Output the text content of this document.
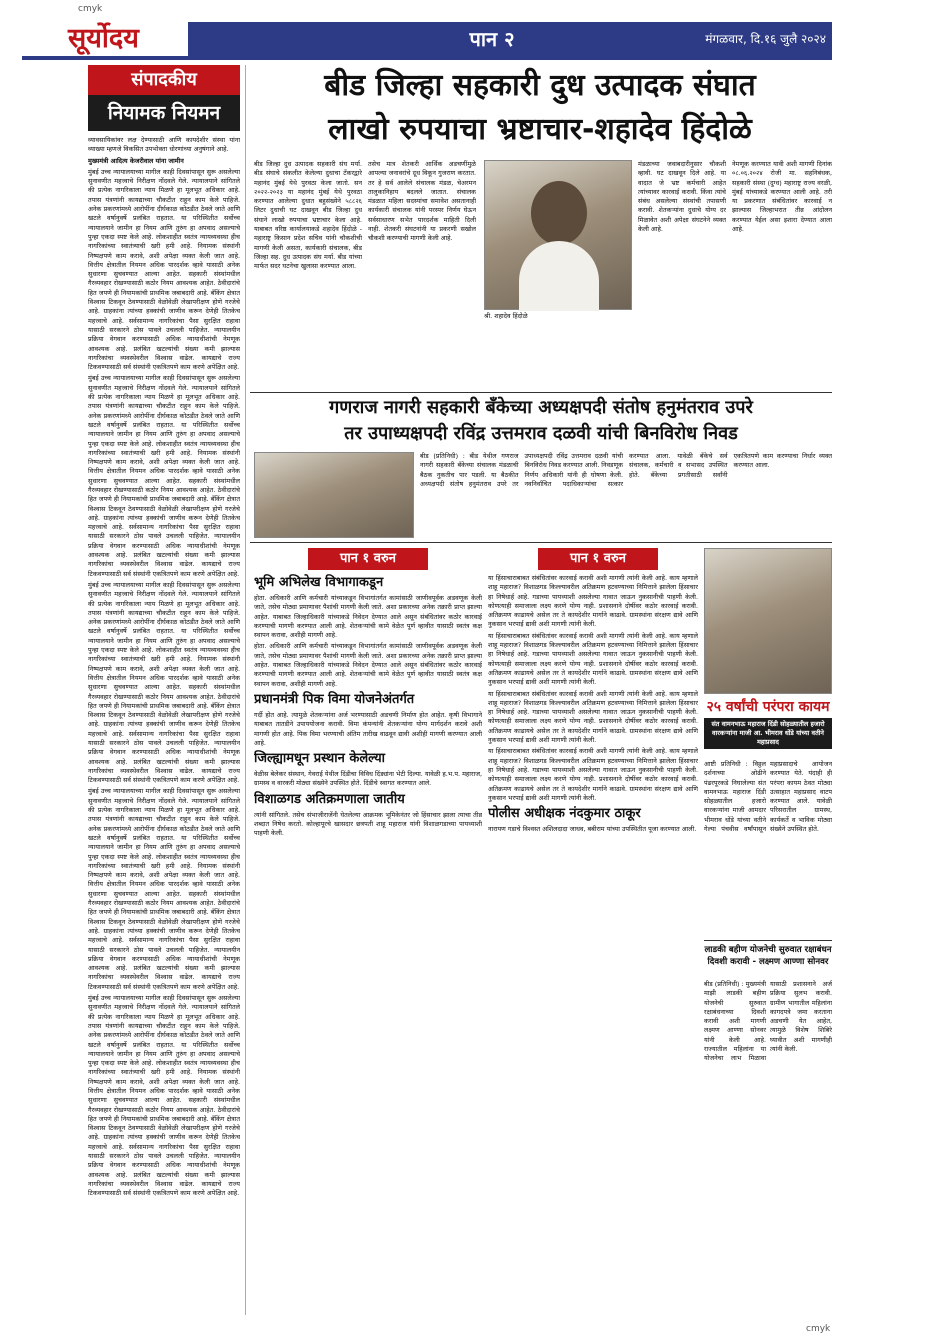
cmyk
सूर्योदय	पान २	मंगळवार, दि.१६ जुलै २०२४
संपादकीय
नियामक नियमन

व्यावसायिकांवर लक्ष देण्यासाठी आणि कायदेशीर संस्था यांना व्याख्या म्हणजे विकसित उपभोक्ता धोरणांच्या अनुषंगाने आहे.

मुख्यमंत्री आदित्य केजरीवाल यांना जामीन

मुंबई उच्च न्यायालयाच्या मागील काही दिवसांपासून सुरू असलेल्या सुनावणीत महत्त्वाचे निरीक्षण नोंदवले गेले. न्यायालयाने सांगितले की प्रत्येक नागरिकाला न्याय मिळणे हा मूलभूत अधिकार आहे. तपास यंत्रणांनी कायद्याच्या चौकटीत राहून काम केले पाहिजे. अनेक प्रकरणांमध्ये आरोपींना दीर्घकाळ कोठडीत ठेवले जाते आणि खटले वर्षानुवर्षे प्रलंबित राहतात. या परिस्थितीत सर्वोच्च न्यायालयाने जामीन हा नियम आणि तुरुंग हा अपवाद असल्याचे पुन्हा एकदा स्पष्ट केले आहे. लोकशाहीत स्वतंत्र न्यायव्यवस्था हीच नागरिकांच्या स्वातंत्र्याची खरी हमी आहे. नियामक संस्थांनी निष्पक्षपणे काम करावे, अशी अपेक्षा व्यक्त केली जात आहे. वित्तीय क्षेत्रातील नियमन अधिक पारदर्शक व्हावे यासाठी अनेक सुधारणा सुचवण्यात आल्या आहेत. सहकारी संस्थांमधील गैरव्यवहार रोखण्यासाठी कठोर नियम आवश्यक आहेत. ठेवीदारांचे हित जपणे ही नियामकांची प्राथमिक जबाबदारी आहे. बँकिंग क्षेत्रात विश्वास टिकवून ठेवण्यासाठी वेळोवेळी लेखापरीक्षण होणे गरजेचे आहे. ग्राहकांना त्यांच्या हक्कांची जाणीव करून देणेही तितकेच महत्त्वाचे आहे. सर्वसामान्य नागरिकांचा पैसा सुरक्षित राहावा यासाठी सरकारने ठोस पावले उचलली पाहिजेत. न्यायालयीन प्रक्रिया वेगवान करण्यासाठी अधिक न्यायाधीशांची नेमणूक आवश्यक आहे. प्रलंबित खटल्यांची संख्या कमी झाल्यास नागरिकांचा व्यवस्थेवरील विश्वास वाढेल. कायद्याचे राज्य टिकवण्यासाठी सर्व संस्थांनी एकत्रितपणे काम करणे अपेक्षित आहे.

मुंबई उच्च न्यायालयाच्या मागील काही दिवसांपासून सुरू असलेल्या सुनावणीत महत्त्वाचे निरीक्षण नोंदवले गेले. न्यायालयाने सांगितले की प्रत्येक नागरिकाला न्याय मिळणे हा मूलभूत अधिकार आहे. तपास यंत्रणांनी कायद्याच्या चौकटीत राहून काम केले पाहिजे. अनेक प्रकरणांमध्ये आरोपींना दीर्घकाळ कोठडीत ठेवले जाते आणि खटले वर्षानुवर्षे प्रलंबित राहतात. या परिस्थितीत सर्वोच्च न्यायालयाने जामीन हा नियम आणि तुरुंग हा अपवाद असल्याचे पुन्हा एकदा स्पष्ट केले आहे. लोकशाहीत स्वतंत्र न्यायव्यवस्था हीच नागरिकांच्या स्वातंत्र्याची खरी हमी आहे. नियामक संस्थांनी निष्पक्षपणे काम करावे, अशी अपेक्षा व्यक्त केली जात आहे. वित्तीय क्षेत्रातील नियमन अधिक पारदर्शक व्हावे यासाठी अनेक सुधारणा सुचवण्यात आल्या आहेत. सहकारी संस्थांमधील गैरव्यवहार रोखण्यासाठी कठोर नियम आवश्यक आहेत. ठेवीदारांचे हित जपणे ही नियामकांची प्राथमिक जबाबदारी आहे. बँकिंग क्षेत्रात विश्वास टिकवून ठेवण्यासाठी वेळोवेळी लेखापरीक्षण होणे गरजेचे आहे. ग्राहकांना त्यांच्या हक्कांची जाणीव करून देणेही तितकेच महत्त्वाचे आहे. सर्वसामान्य नागरिकांचा पैसा सुरक्षित राहावा यासाठी सरकारने ठोस पावले उचलली पाहिजेत. न्यायालयीन प्रक्रिया वेगवान करण्यासाठी अधिक न्यायाधीशांची नेमणूक आवश्यक आहे. प्रलंबित खटल्यांची संख्या कमी झाल्यास नागरिकांचा व्यवस्थेवरील विश्वास वाढेल. कायद्याचे राज्य टिकवण्यासाठी सर्व संस्थांनी एकत्रितपणे काम करणे अपेक्षित आहे.

मुंबई उच्च न्यायालयाच्या मागील काही दिवसांपासून सुरू असलेल्या सुनावणीत महत्त्वाचे निरीक्षण नोंदवले गेले. न्यायालयाने सांगितले की प्रत्येक नागरिकाला न्याय मिळणे हा मूलभूत अधिकार आहे. तपास यंत्रणांनी कायद्याच्या चौकटीत राहून काम केले पाहिजे. अनेक प्रकरणांमध्ये आरोपींना दीर्घकाळ कोठडीत ठेवले जाते आणि खटले वर्षानुवर्षे प्रलंबित राहतात. या परिस्थितीत सर्वोच्च न्यायालयाने जामीन हा नियम आणि तुरुंग हा अपवाद असल्याचे पुन्हा एकदा स्पष्ट केले आहे. लोकशाहीत स्वतंत्र न्यायव्यवस्था हीच नागरिकांच्या स्वातंत्र्याची खरी हमी आहे. नियामक संस्थांनी निष्पक्षपणे काम करावे, अशी अपेक्षा व्यक्त केली जात आहे. वित्तीय क्षेत्रातील नियमन अधिक पारदर्शक व्हावे यासाठी अनेक सुधारणा सुचवण्यात आल्या आहेत. सहकारी संस्थांमधील गैरव्यवहार रोखण्यासाठी कठोर नियम आवश्यक आहेत. ठेवीदारांचे हित जपणे ही नियामकांची प्राथमिक जबाबदारी आहे. बँकिंग क्षेत्रात विश्वास टिकवून ठेवण्यासाठी वेळोवेळी लेखापरीक्षण होणे गरजेचे आहे. ग्राहकांना त्यांच्या हक्कांची जाणीव करून देणेही तितकेच महत्त्वाचे आहे. सर्वसामान्य नागरिकांचा पैसा सुरक्षित राहावा यासाठी सरकारने ठोस पावले उचलली पाहिजेत. न्यायालयीन प्रक्रिया वेगवान करण्यासाठी अधिक न्यायाधीशांची नेमणूक आवश्यक आहे. प्रलंबित खटल्यांची संख्या कमी झाल्यास नागरिकांचा व्यवस्थेवरील विश्वास वाढेल. कायद्याचे राज्य टिकवण्यासाठी सर्व संस्थांनी एकत्रितपणे काम करणे अपेक्षित आहे.

मुंबई उच्च न्यायालयाच्या मागील काही दिवसांपासून सुरू असलेल्या सुनावणीत महत्त्वाचे निरीक्षण नोंदवले गेले. न्यायालयाने सांगितले की प्रत्येक नागरिकाला न्याय मिळणे हा मूलभूत अधिकार आहे. तपास यंत्रणांनी कायद्याच्या चौकटीत राहून काम केले पाहिजे. अनेक प्रकरणांमध्ये आरोपींना दीर्घकाळ कोठडीत ठेवले जाते आणि खटले वर्षानुवर्षे प्रलंबित राहतात. या परिस्थितीत सर्वोच्च न्यायालयाने जामीन हा नियम आणि तुरुंग हा अपवाद असल्याचे पुन्हा एकदा स्पष्ट केले आहे. लोकशाहीत स्वतंत्र न्यायव्यवस्था हीच नागरिकांच्या स्वातंत्र्याची खरी हमी आहे. नियामक संस्थांनी निष्पक्षपणे काम करावे, अशी अपेक्षा व्यक्त केली जात आहे. वित्तीय क्षेत्रातील नियमन अधिक पारदर्शक व्हावे यासाठी अनेक सुधारणा सुचवण्यात आल्या आहेत. सहकारी संस्थांमधील गैरव्यवहार रोखण्यासाठी कठोर नियम आवश्यक आहेत. ठेवीदारांचे हित जपणे ही नियामकांची प्राथमिक जबाबदारी आहे. बँकिंग क्षेत्रात विश्वास टिकवून ठेवण्यासाठी वेळोवेळी लेखापरीक्षण होणे गरजेचे आहे. ग्राहकांना त्यांच्या हक्कांची जाणीव करून देणेही तितकेच महत्त्वाचे आहे. सर्वसामान्य नागरिकांचा पैसा सुरक्षित राहावा यासाठी सरकारने ठोस पावले उचलली पाहिजेत. न्यायालयीन प्रक्रिया वेगवान करण्यासाठी अधिक न्यायाधीशांची नेमणूक आवश्यक आहे. प्रलंबित खटल्यांची संख्या कमी झाल्यास नागरिकांचा व्यवस्थेवरील विश्वास वाढेल. कायद्याचे राज्य टिकवण्यासाठी सर्व संस्थांनी एकत्रितपणे काम करणे अपेक्षित आहे.

मुंबई उच्च न्यायालयाच्या मागील काही दिवसांपासून सुरू असलेल्या सुनावणीत महत्त्वाचे निरीक्षण नोंदवले गेले. न्यायालयाने सांगितले की प्रत्येक नागरिकाला न्याय मिळणे हा मूलभूत अधिकार आहे. तपास यंत्रणांनी कायद्याच्या चौकटीत राहून काम केले पाहिजे. अनेक प्रकरणांमध्ये आरोपींना दीर्घकाळ कोठडीत ठेवले जाते आणि खटले वर्षानुवर्षे प्रलंबित राहतात. या परिस्थितीत सर्वोच्च न्यायालयाने जामीन हा नियम आणि तुरुंग हा अपवाद असल्याचे पुन्हा एकदा स्पष्ट केले आहे. लोकशाहीत स्वतंत्र न्यायव्यवस्था हीच नागरिकांच्या स्वातंत्र्याची खरी हमी आहे. नियामक संस्थांनी निष्पक्षपणे काम करावे, अशी अपेक्षा व्यक्त केली जात आहे. वित्तीय क्षेत्रातील नियमन अधिक पारदर्शक व्हावे यासाठी अनेक सुधारणा सुचवण्यात आल्या आहेत. सहकारी संस्थांमधील गैरव्यवहार रोखण्यासाठी कठोर नियम आवश्यक आहेत. ठेवीदारांचे हित जपणे ही नियामकांची प्राथमिक जबाबदारी आहे. बँकिंग क्षेत्रात विश्वास टिकवून ठेवण्यासाठी वेळोवेळी लेखापरीक्षण होणे गरजेचे आहे. ग्राहकांना त्यांच्या हक्कांची जाणीव करून देणेही तितकेच महत्त्वाचे आहे. सर्वसामान्य नागरिकांचा पैसा सुरक्षित राहावा यासाठी सरकारने ठोस पावले उचलली पाहिजेत. न्यायालयीन प्रक्रिया वेगवान करण्यासाठी अधिक न्यायाधीशांची नेमणूक आवश्यक आहे. प्रलंबित खटल्यांची संख्या कमी झाल्यास नागरिकांचा व्यवस्थेवरील विश्वास वाढेल. कायद्याचे राज्य टिकवण्यासाठी सर्व संस्थांनी एकत्रितपणे काम करणे अपेक्षित आहे.

बीड जिल्हा सहकारी दुध उत्पादक संघात
लाखो रुपयाचा भ्रष्टाचार-शहादेव हिंदोळे
बीड जिल्हा दुध उत्पादक सहकारी संघ मर्या. बीड संघाचे संकलीत केलेल्या दुधाचा टँकरद्वारे महानंद मुंबई येथे पुरवठा केला जातो. सन २०२२-२०२३ या महानंद मुंबई येथे पुरवठा करण्यात आलेल्या दुधात बहुसंख्येने ५८८२६ लिटर दुधाची घट दाखवून बीड जिल्हा दुध संघाने लाखो रुपयाचा भ्रष्टाचार केला आहे. याबाबत वरिष्ठ कार्यालयाकडे शहादेव हिंदोळे - महाराष्ट्र किसान प्रदेश सचिव यांनी चौकशीची मागणी केली असता, कार्यकारी संचालक, बीड जिल्हा सह. दुध उत्पादक संघ मर्या. बीड यांच्या मार्फत सदर घटनेचा खुलासा करण्यात आला.
तसेच मात्र शेतकरी आर्थिक अडचणींमुळे आपल्या जनावरांचे दूध विकून गुजराण करतात. तर हे सर्व आलेले संचालक मंडळ, चेअरमन तालुकानिहाय बदलले जातात. संचालक मंडळात महिला सदस्यांचा समावेश असतानाही कार्यकारी संचालक यांनी परस्पर निर्णय घेऊन सर्वसाधारण सभेत पारदर्शक माहिती दिली नाही. शेतकरी संघटनांनी या प्रकरणी सखोल चौकशी करण्याची मागणी केली आहे.
श्री. शहादेव हिंदोळे
मंडळाच्या जवाबदारीनुसार चौकशी व्हावी. घट दाखवून दिले आहे. या वादात जे भ्रष्ट कर्मचारी आहेत त्यांच्यावर कारवाई करावी. किंवा त्यांचे संबंध असलेल्या संस्थांची तपासणी करावी. शेतकऱ्यांना दुधाचे योग्य दर मिळावेत अशी अपेक्षा संघटनेने व्यक्त केली आहे.
नेमणूक करण्यात यावी अशी मागणी दिनांक ०८.०६.२०२४ रोजी मा. सहनिबंधक, सहकारी संस्था (दुग्ध) महाराष्ट्र राज्य वरळी, मुंबई यांच्याकडे करण्यात आली आहे. तरी या प्रकरणात संबंधितांवर कारवाई न झाल्यास जिल्हाभरात तीव्र आंदोलन करण्यात येईल असा इशारा देण्यात आला आहे.
गणराज नागरी सहकारी बँकेच्या अध्यक्षपदी संतोष हनुमंतराव उपरे
तर उपाध्यक्षपदी रविंद्र उत्तमराव दळवी यांची बिनविरोध निवड
बीड (प्रतिनिधी) : बीड येथील गणराज नागरी सहकारी बँकेच्या संचालक मंडळाची बैठक नुकतीच पार पडली. या बैठकीत अध्यक्षपदी संतोष हनुमंतराव उपरे तर उपाध्यक्षपदी रविंद्र उत्तमराव दळवी यांची बिनविरोध निवड करण्यात आली. निवडणूक निर्णय अधिकारी यांनी ही घोषणा केली. नवनिर्वाचित पदाधिकाऱ्यांचा सत्कार करण्यात आला. यावेळी बँकेचे सर्व संचालक, कर्मचारी व सभासद उपस्थित होते. बँकेच्या प्रगतीसाठी सर्वांनी एकत्रितपणे काम करण्याचा निर्धार व्यक्त करण्यात आला.
पान १ वरुन

भूमि अभिलेख विभागाकडून

होता. अधिकारी आणि कर्मचारी यांच्याकडून विभागांतर्गत कामांसाठी जाणीवपूर्वक अडवणूक केली जाते, तसेच मोठ्या प्रमाणावर पैशांची मागणी केली जाते. अशा प्रकारच्या अनेक तक्रारी प्राप्त झाल्या आहेत. याबाबत जिल्हाधिकारी यांच्याकडे निवेदन देण्यात आले असून संबंधितांवर कठोर कारवाई करण्याची मागणी करण्यात आली आहे. शेतकऱ्यांची कामे वेळेत पूर्ण व्हावीत यासाठी स्वतंत्र कक्ष स्थापन करावा, अशीही मागणी आहे.

होता. अधिकारी आणि कर्मचारी यांच्याकडून विभागांतर्गत कामांसाठी जाणीवपूर्वक अडवणूक केली जाते, तसेच मोठ्या प्रमाणावर पैशांची मागणी केली जाते. अशा प्रकारच्या अनेक तक्रारी प्राप्त झाल्या आहेत. याबाबत जिल्हाधिकारी यांच्याकडे निवेदन देण्यात आले असून संबंधितांवर कठोर कारवाई करण्याची मागणी करण्यात आली आहे. शेतकऱ्यांची कामे वेळेत पूर्ण व्हावीत यासाठी स्वतंत्र कक्ष स्थापन करावा, अशीही मागणी आहे.

प्रधानमंत्री पिक विमा योजनेअंतर्गत

गर्दी होत आहे. त्यामुळे शेतकऱ्यांना अर्ज भरण्यासाठी अडचणी निर्माण होत आहेत. कृषी विभागाने याबाबत तातडीने उपाययोजना करावी. विमा कंपन्यांनी शेतकऱ्यांना योग्य मार्गदर्शन करावे अशी मागणी होत आहे. पिक विमा भरण्याची अंतिम तारीख वाढवून द्यावी अशीही मागणी करण्यात आली आहे.

जिल्ह्यामधून प्रस्थान केलेल्या

वेळीस बेलेकर संस्थान, गेवराई येथील दिंडीचा विविध दिंड्यांना भेटी दिल्या. यावेळी ह.भ.प. महाराज, ग्रामस्थ व वारकरी मोठ्या संख्येने उपस्थित होते. दिंडीचे स्वागत करण्यात आले.

विशाळगड अतिक्रमणाला जातीय

त्यांनी सांगितले. तसेच संभाजीराजेंनी घेतलेल्या आक्रमक भूमिकेनंतर जो हिंसाचार झाला त्याचा तीव्र शब्दात निषेध करतो. कोल्हापूरचे खासदार छत्रपती शाहू महाराज यांनी विशाळगडाच्या पायथ्याशी पाहणी केली.

पान १ वरुन

या हिंसाचाराबाबत संबंधितांवर कारवाई करावी अशी मागणी त्यांनी केली आहे. काय म्हणाले शाहू महाराज? विशाळगड किल्ल्यावरील अतिक्रमण हटवण्याच्या निमित्ताने झालेला हिंसाचार हा निषेधार्ह आहे. गडाच्या पायथ्याशी असलेल्या गावात जाऊन नुकसानीची पाहणी केली. कोणत्याही समाजाला लक्ष्य करणे योग्य नाही. प्रशासनाने दोषींवर कठोर कारवाई करावी. अतिक्रमण काढायचे असेल तर ते कायदेशीर मार्गाने काढावे. ग्रामस्थांना संरक्षण द्यावे आणि नुकसान भरपाई द्यावी अशी मागणी त्यांनी केली.

या हिंसाचाराबाबत संबंधितांवर कारवाई करावी अशी मागणी त्यांनी केली आहे. काय म्हणाले शाहू महाराज? विशाळगड किल्ल्यावरील अतिक्रमण हटवण्याच्या निमित्ताने झालेला हिंसाचार हा निषेधार्ह आहे. गडाच्या पायथ्याशी असलेल्या गावात जाऊन नुकसानीची पाहणी केली. कोणत्याही समाजाला लक्ष्य करणे योग्य नाही. प्रशासनाने दोषींवर कठोर कारवाई करावी. अतिक्रमण काढायचे असेल तर ते कायदेशीर मार्गाने काढावे. ग्रामस्थांना संरक्षण द्यावे आणि नुकसान भरपाई द्यावी अशी मागणी त्यांनी केली.

या हिंसाचाराबाबत संबंधितांवर कारवाई करावी अशी मागणी त्यांनी केली आहे. काय म्हणाले शाहू महाराज? विशाळगड किल्ल्यावरील अतिक्रमण हटवण्याच्या निमित्ताने झालेला हिंसाचार हा निषेधार्ह आहे. गडाच्या पायथ्याशी असलेल्या गावात जाऊन नुकसानीची पाहणी केली. कोणत्याही समाजाला लक्ष्य करणे योग्य नाही. प्रशासनाने दोषींवर कठोर कारवाई करावी. अतिक्रमण काढायचे असेल तर ते कायदेशीर मार्गाने काढावे. ग्रामस्थांना संरक्षण द्यावे आणि नुकसान भरपाई द्यावी अशी मागणी त्यांनी केली.

या हिंसाचाराबाबत संबंधितांवर कारवाई करावी अशी मागणी त्यांनी केली आहे. काय म्हणाले शाहू महाराज? विशाळगड किल्ल्यावरील अतिक्रमण हटवण्याच्या निमित्ताने झालेला हिंसाचार हा निषेधार्ह आहे. गडाच्या पायथ्याशी असलेल्या गावात जाऊन नुकसानीची पाहणी केली. कोणत्याही समाजाला लक्ष्य करणे योग्य नाही. प्रशासनाने दोषींवर कठोर कारवाई करावी. अतिक्रमण काढायचे असेल तर ते कायदेशीर मार्गाने काढावे. ग्रामस्थांना संरक्षण द्यावे आणि नुकसान भरपाई द्यावी अशी मागणी त्यांनी केली.

पोलीस अधीक्षक नंदकुमार ठाकूर

नारायण गडाचे विश्वस्त अशिलदादा जाधव, बबीराम यांच्या उपस्थितीत पूजा करण्यात आली.

२५ वर्षांची परंपरा कायम
संत वामनभाऊ महाराज दिंडी सोहळ्यातील हजारो वारकऱ्यांना माजी आ. भीमराव धोंडे यांच्या वतीने महाप्रसाद
आष्टी प्रतिनिधी : विठ्ठल दर्शनाच्या ओढीने पंढरपूरकडे निघालेल्या संत वामनभाऊ महाराज दिंडी सोहळ्यातील हजारो वारकऱ्यांना माजी आमदार भीमराव धोंडे यांच्या वतीने गेल्या पंचवीस वर्षांपासून महाप्रसादाचे आयोजन करण्यात येते. यंदाही ही परंपरा कायम ठेवत मोठ्या उत्साहात महाप्रसाद वाटप करण्यात आले. यावेळी परिसरातील ग्रामस्थ, कार्यकर्ते व भाविक मोठ्या संख्येने उपस्थित होते.
लाडकी बहीण योजनेची सुरुवात रक्षाबंधन दिवशी करावी - लक्ष्मण आण्णा सोनवर
बीड (प्रतिनिधी) : मुख्यमंत्री माझी लाडकी बहीण योजनेची सुरुवात रक्षाबंधनाच्या दिवशी करावी अशी मागणी लक्ष्मण आण्णा सोनवर यांनी केली आहे. राज्यातील महिलांना या योजनेचा लाभ मिळावा यासाठी प्रशासनाने अर्ज प्रक्रिया सुलभ करावी. ग्रामीण भागातील महिलांना कागदपत्रे जमा करताना अडचणी येत आहेत, त्यामुळे विशेष शिबिरे घ्यावीत अशी मागणीही त्यांनी केली.
cmyk
